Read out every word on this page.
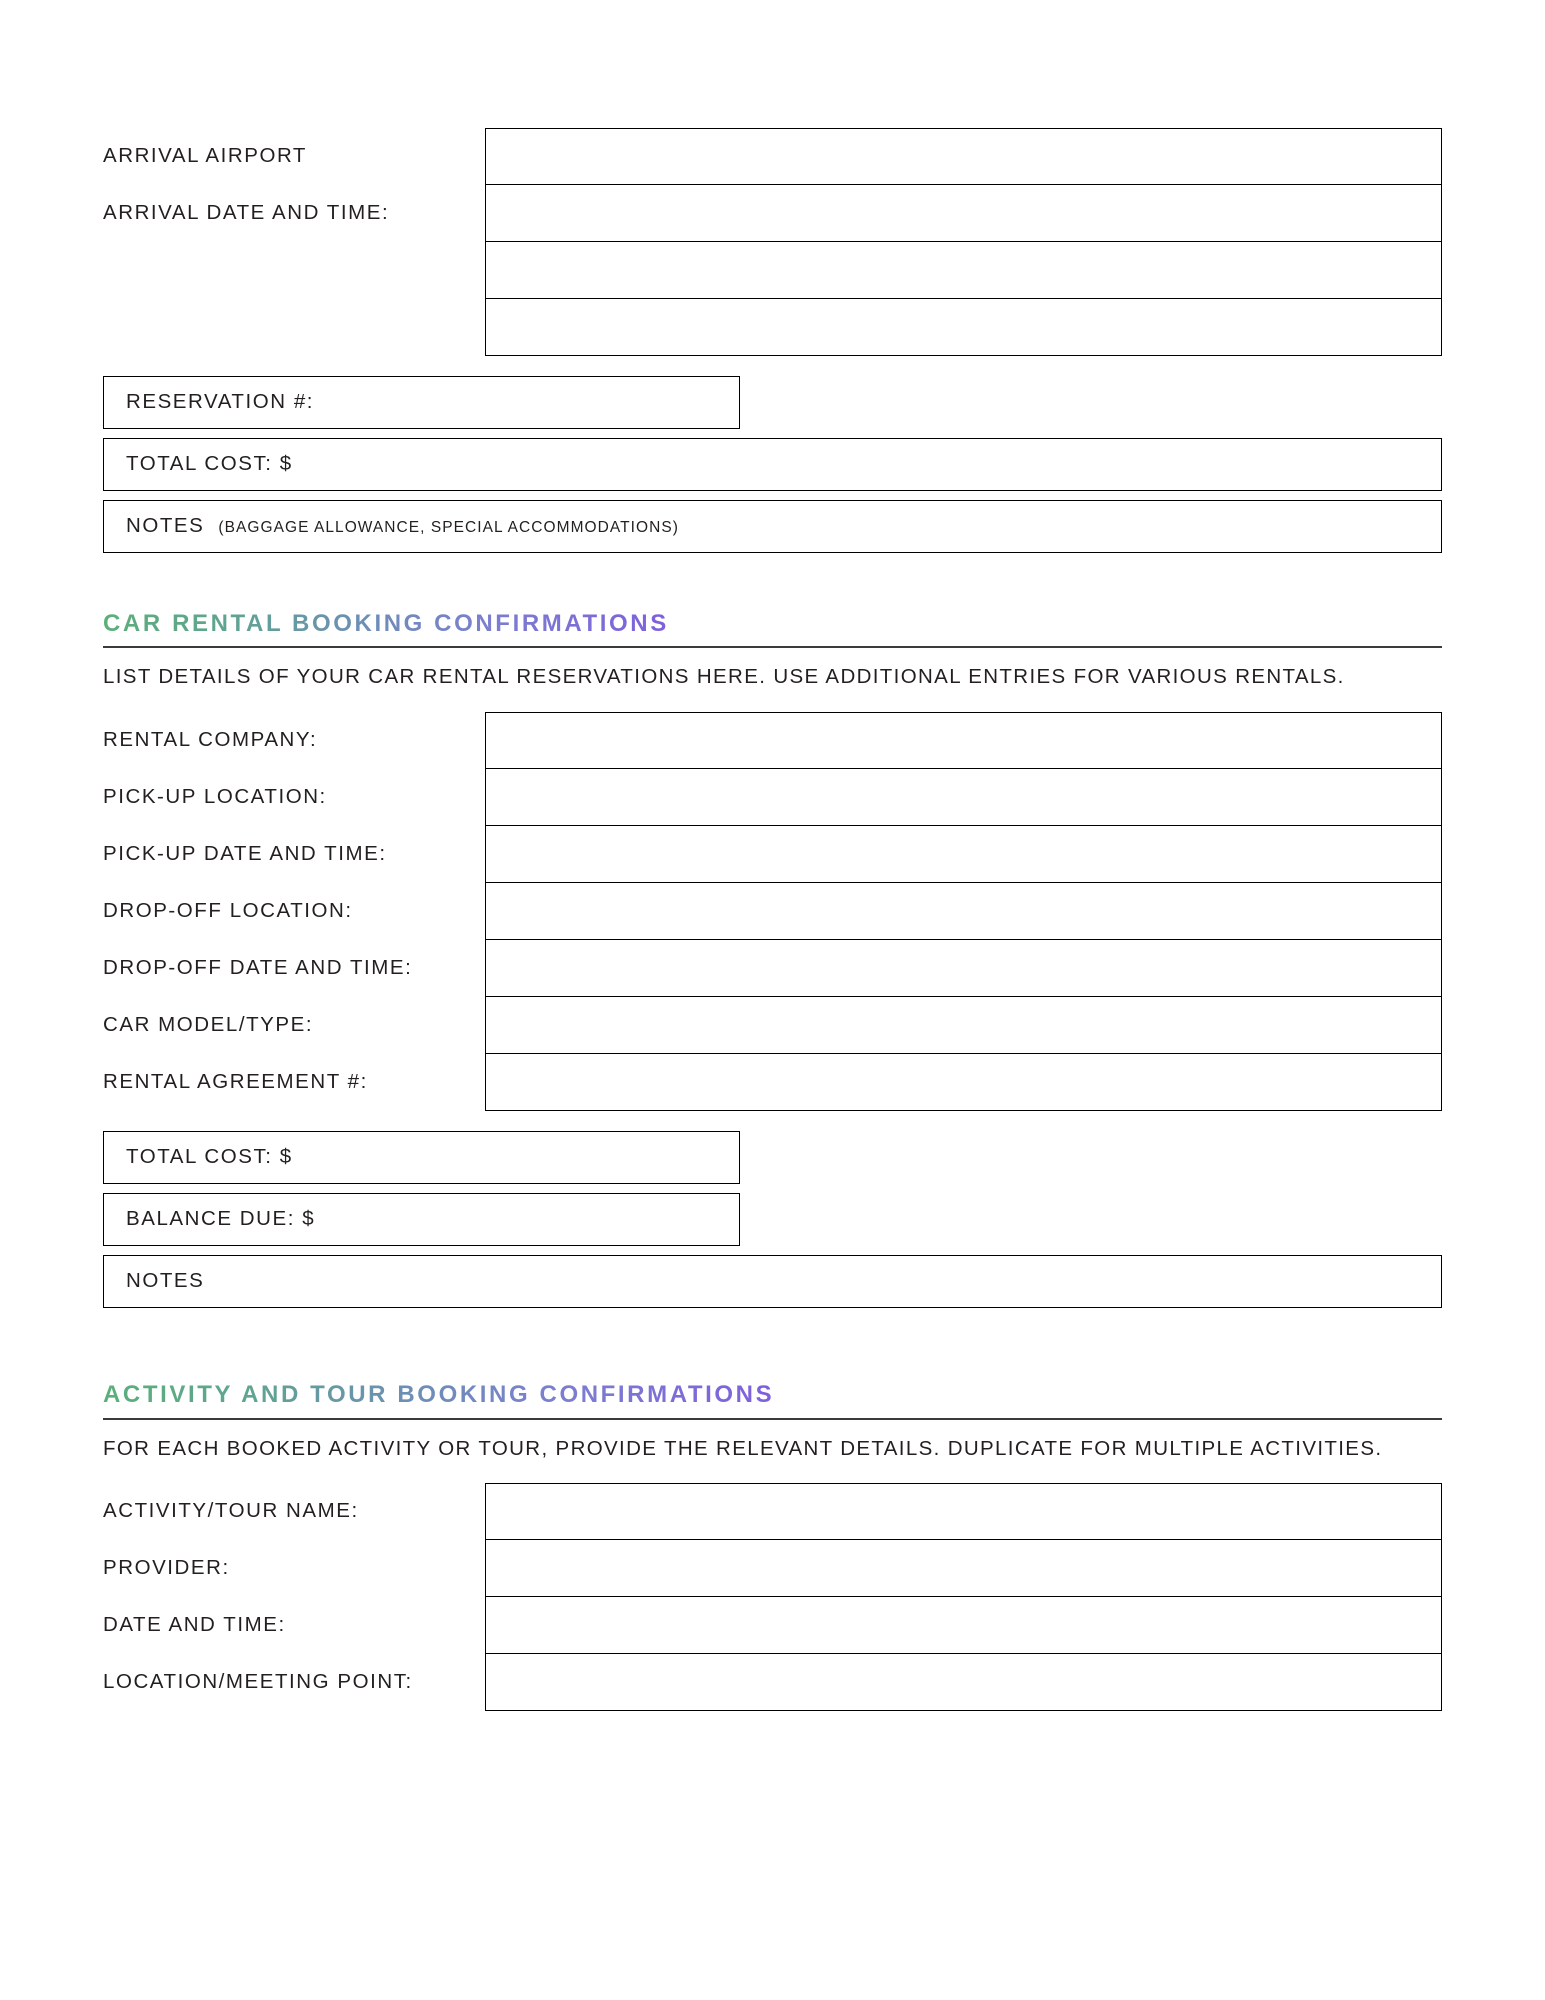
ARRIVAL AIRPORT
ARRIVAL DATE AND TIME:
RESERVATION #:
TOTAL COST: $
NOTES (BAGGAGE ALLOWANCE, SPECIAL ACCOMMODATIONS)
CAR RENTAL BOOKING CONFIRMATIONS
LIST DETAILS OF YOUR CAR RENTAL RESERVATIONS HERE. USE ADDITIONAL ENTRIES FOR VARIOUS RENTALS.
RENTAL COMPANY:
PICK-UP LOCATION:
PICK-UP DATE AND TIME:
DROP-OFF LOCATION:
DROP-OFF DATE AND TIME:
CAR MODEL/TYPE:
RENTAL AGREEMENT #:
TOTAL COST: $
BALANCE DUE: $
NOTES
ACTIVITY AND TOUR BOOKING CONFIRMATIONS
FOR EACH BOOKED ACTIVITY OR TOUR, PROVIDE THE RELEVANT DETAILS. DUPLICATE FOR MULTIPLE ACTIVITIES.
ACTIVITY/TOUR NAME:
PROVIDER:
DATE AND TIME:
LOCATION/MEETING POINT:
